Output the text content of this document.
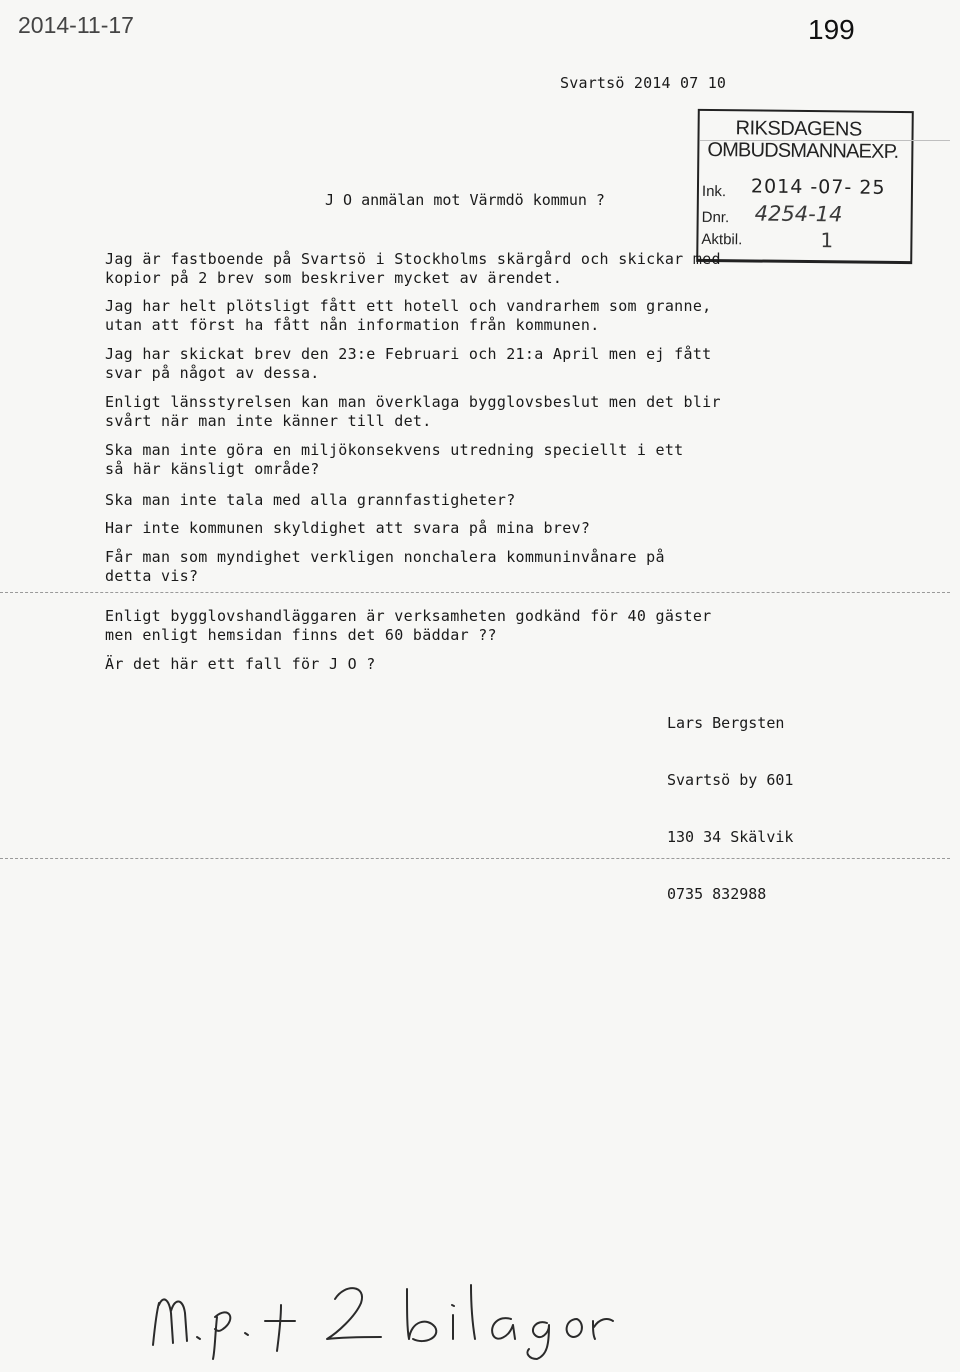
2014-11-17	199
Svartsö 2014 07 10
RIKSDAGENS
OMBUDSMANNAEXP.
Ink. 2014 -07- 25
Dnr. 4254-14
Aktbil.	1
J O anmälan mot Värmdö kommun ?
Jag är fastboende på Svartsö i Stockholms skärgård och skickar med
kopior på 2 brev som beskriver mycket av ärendet.
Jag har helt plötsligt fått ett hotell och vandrarhem som granne,
utan att först ha fått nån information från kommunen.
Jag har skickat brev den 23:e Februari och 21:a April men ej fått
svar på något av dessa.
Enligt länsstyrelsen kan man överklaga bygglovsbeslut men det blir
svårt när man inte känner till det.
Ska man inte göra en miljökonsekvens utredning speciellt i ett
så här känsligt område?
Ska man inte tala med alla grannfastigheter?
Har inte kommunen skyldighet att svara på mina brev?
Får man som myndighet verkligen nonchalera kommuninvånare på
detta vis?
Enligt bygglovshandläggaren är verksamheten godkänd för 40 gäster
men enligt hemsidan finns det 60 bäddar ??
Är det här ett fall för J O ?

Lars Bergsten

Svartsö by 601

130 34 Skälvik

0735 832988
